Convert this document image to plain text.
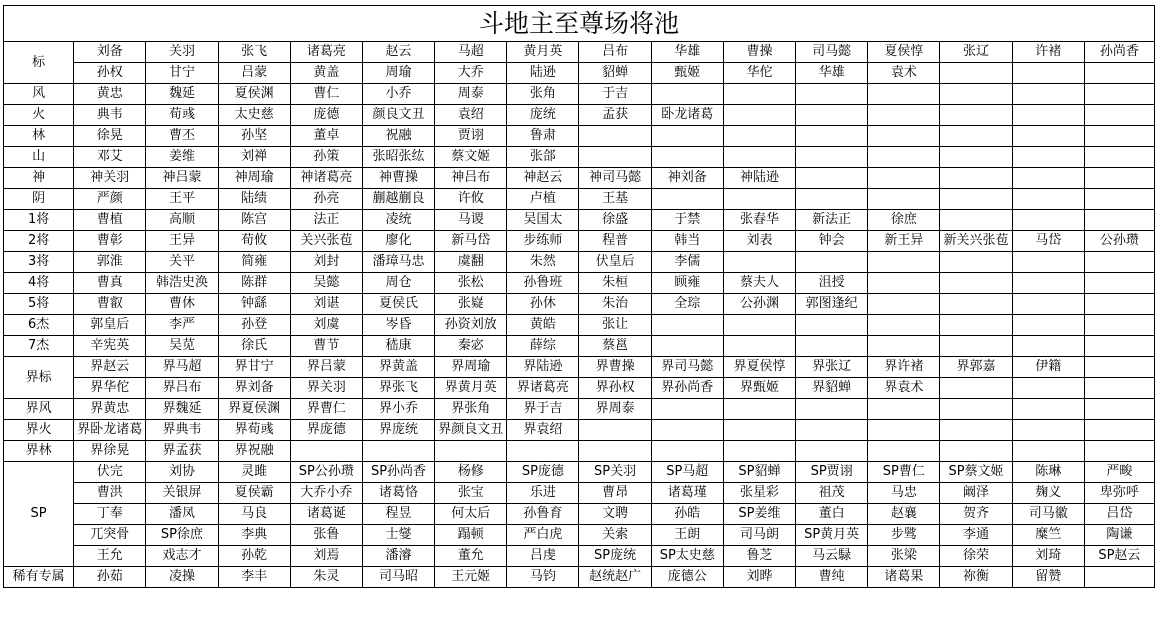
斗地主至尊场将池
标	刘备	关羽	张飞	诸葛亮	赵云	马超	黄月英	吕布	华雄	曹操	司马懿	夏侯惇	张辽	许褚	孙尚香
	孙权	甘宁	吕蒙	黄盖	周瑜	大乔	陆逊	貂蝉	甄姬	华佗	华雄	袁术			
风	黄忠	魏延	夏侯渊	曹仁	小乔	周泰	张角	于吉							
火	典韦	荀彧	太史慈	庞德	颜良文丑	袁绍	庞统	孟获	卧龙诸葛						
林	徐晃	曹丕	孙坚	董卓	祝融	贾诩	鲁肃								
山	邓艾	姜维	刘禅	孙策	张昭张纮	蔡文姬	张郃								
神	神关羽	神吕蒙	神周瑜	神诸葛亮	神曹操	神吕布	神赵云	神司马懿	神刘备	神陆逊					
阴	严颜	王平	陆绩	孙亮	蒯越蒯良	许攸	卢植	王基							
1将	曹植	高顺	陈宫	法正	凌统	马谡	吴国太	徐盛	于禁	张春华	新法正	徐庶			
2将	曹彰	王异	荀攸	关兴张苞	廖化	新马岱	步练师	程普	韩当	刘表	钟会	新王异	新关兴张苞	马岱	公孙瓒
3将	郭淮	关平	简雍	刘封	潘璋马忠	虞翻	朱然	伏皇后	李儒						
4将	曹真	韩浩史涣	陈群	吴懿	周仓	张松	孙鲁班	朱桓	顾雍	蔡夫人	沮授				
5将	曹叡	曹休	钟繇	刘谌	夏侯氏	张嶷	孙休	朱治	全琮	公孙渊	郭图逢纪				
6杰	郭皇后	李严	孙登	刘虞	岑昏	孙资刘放	黄皓	张让							
7杰	辛宪英	吴苋	徐氏	曹节	嵇康	秦宓	薛综	蔡邕							
界标	界赵云	界马超	界甘宁	界吕蒙	界黄盖	界周瑜	界陆逊	界曹操	界司马懿	界夏侯惇	界张辽	界许褚	界郭嘉	伊籍	
	界华佗	界吕布	界刘备	界关羽	界张飞	界黄月英	界诸葛亮	界孙权	界孙尚香	界甄姬	界貂蝉	界袁术			
界风	界黄忠	界魏延	界夏侯渊	界曹仁	界小乔	界张角	界于吉	界周泰							
界火	界卧龙诸葛	界典韦	界荀彧	界庞德	界庞统	界颜良文丑	界袁绍								
界林	界徐晃	界孟获	界祝融												
SP	伏完	刘协	灵雎	SP公孙瓒	SP孙尚香	杨修	SP庞德	SP关羽	SP马超	SP貂蝉	SP贾诩	SP曹仁	SP蔡文姬	陈琳	严畯
	曹洪	关银屏	夏侯霸	大乔小乔	诸葛恪	张宝	乐进	曹昂	诸葛瑾	张星彩	祖茂	马忠	阚泽	麹义	卑弥呼
	丁奉	潘凤	马良	诸葛诞	程昱	何太后	孙鲁育	文聘	孙皓	SP姜维	董白	赵襄	贺齐	司马徽	吕岱
	兀突骨	SP徐庶	李典	张鲁	士燮	蹋顿	严白虎	关索	王朗	司马朗	SP黄月英	步骘	李通	糜竺	陶谦
	王允	戏志才	孙乾	刘焉	潘濬	董允	吕虔	SP庞统	SP太史慈	鲁芝	马云騄	张梁	徐荣	刘琦	SP赵云
稀有专属	孙茹	凌操	李丰	朱灵	司马昭	王元姬	马钧	赵统赵广	庞德公	刘晔	曹纯	诸葛果	祢衡	留赞	
